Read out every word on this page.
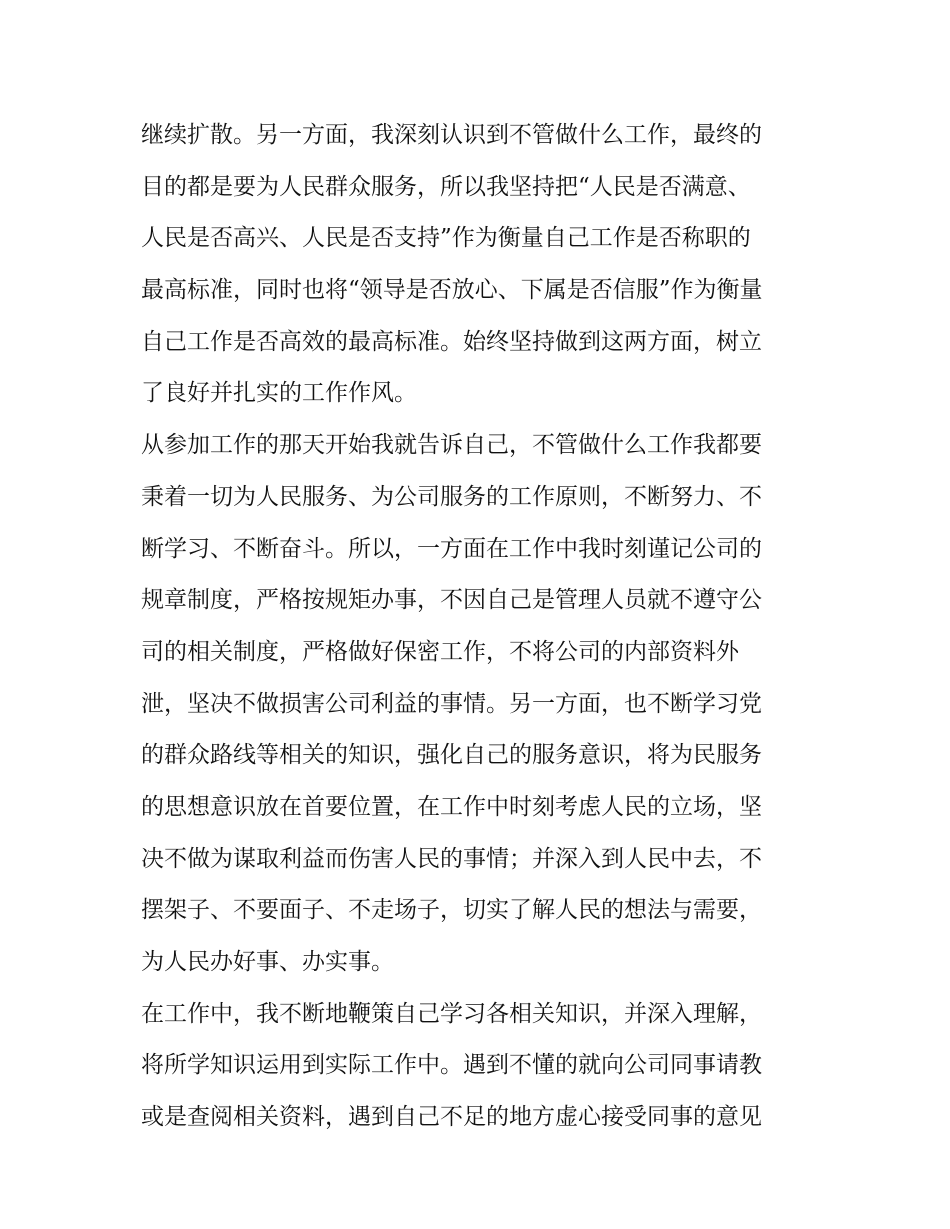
继续扩散。另一方面，我深刻认识到不管做什么工作，最终的
目的都是要为人民群众服务，所以我坚持把“人民是否满意、
人民是否高兴、人民是否支持”作为衡量自己工作是否称职的
最高标准，同时也将“领导是否放心、下属是否信服”作为衡量
自己工作是否高效的最高标准。始终坚持做到这两方面，树立
了良好并扎实的工作作风。
从参加工作的那天开始我就告诉自己，不管做什么工作我都要
秉着一切为人民服务、为公司服务的工作原则，不断努力、不
断学习、不断奋斗。所以，一方面在工作中我时刻谨记公司的
规章制度，严格按规矩办事，不因自己是管理人员就不遵守公
司的相关制度，严格做好保密工作，不将公司的内部资料外
泄，坚决不做损害公司利益的事情。另一方面，也不断学习党
的群众路线等相关的知识，强化自己的服务意识，将为民服务
的思想意识放在首要位置，在工作中时刻考虑人民的立场，坚
决不做为谋取利益而伤害人民的事情；并深入到人民中去，不
摆架子、不要面子、不走场子，切实了解人民的想法与需要，
为人民办好事、办实事。
在工作中，我不断地鞭策自己学习各相关知识，并深入理解，
将所学知识运用到实际工作中。遇到不懂的就向公司同事请教
或是查阅相关资料，遇到自己不足的地方虚心接受同事的意见
